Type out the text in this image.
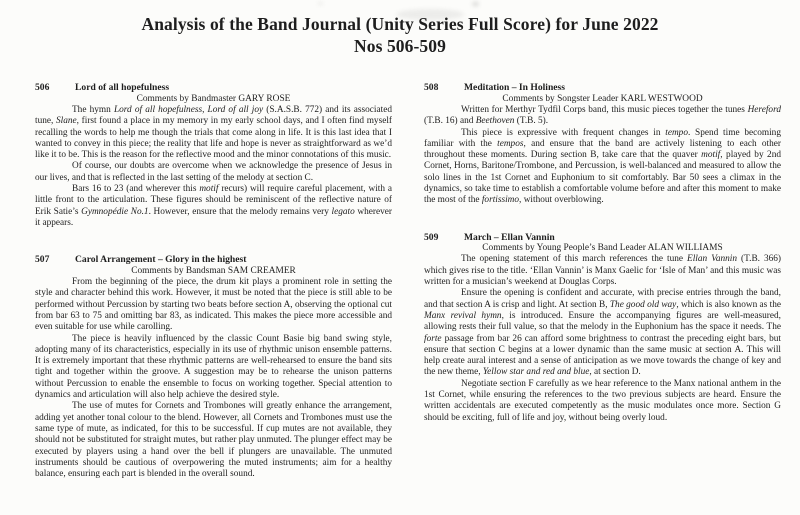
Analysis of the Band Journal (Unity Series Full Score) for June 2022
Nos 506-509
506	Lord of all hopefulness
Comments by Bandmaster GARY ROSE

The hymn Lord of all hopefulness, Lord of all joy (S.A.S.B. 772) and its associated tune, Slane, first found a place in my memory in my early school days, and I often find myself recalling the words to help me though the trials that come along in life. It is this last idea that I wanted to convey in this piece; the reality that life and hope is never as straightforward as we’d like it to be. This is the reason for the reflective mood and the minor connotations of this music.

Of course, our doubts are overcome when we acknowledge the presence of Jesus in our lives, and that is reflected in the last setting of the melody at section C.

Bars 16 to 23 (and wherever this motif recurs) will require careful placement, with a little front to the articulation. These figures should be reminiscent of the reflective nature of Erik Satie’s Gymnopédie No.1. However, ensure that the melody remains very legato wherever it appears.

507	Carol Arrangement – Glory in the highest
Comments by Bandsman SAM CREAMER

From the beginning of the piece, the drum kit plays a prominent role in setting the style and character behind this work. However, it must be noted that the piece is still able to be performed without Percussion by starting two beats before section A, observing the optional cut from bar 63 to 75 and omitting bar 83, as indicated. This makes the piece more accessible and even suitable for use while carolling.

The piece is heavily influenced by the classic Count Basie big band swing style, adopting many of its characteristics, especially in its use of rhythmic unison ensemble patterns. It is extremely important that these rhythmic patterns are well-rehearsed to ensure the band sits tight and together within the groove. A suggestion may be to rehearse the unison patterns without Percussion to enable the ensemble to focus on working together. Special attention to dynamics and articulation will also help achieve the desired style.

The use of mutes for Cornets and Trombones will greatly enhance the arrangement, adding yet another tonal colour to the blend. However, all Cornets and Trombones must use the same type of mute, as indicated, for this to be successful. If cup mutes are not available, they should not be substituted for straight mutes, but rather play unmuted. The plunger effect may be executed by players using a hand over the bell if plungers are unavailable. The unmuted instruments should be cautious of overpowering the muted instruments; aim for a healthy balance, ensuring each part is blended in the overall sound.

508	Meditation – In Holiness
Comments by Songster Leader KARL WESTWOOD

Written for Merthyr Tydfil Corps band, this music pieces together the tunes Hereford (T.B. 16) and Beethoven (T.B. 5).

This piece is expressive with frequent changes in tempo. Spend time becoming familiar with the tempos, and ensure that the band are actively listening to each other throughout these moments. During section B, take care that the quaver motif, played by 2nd Cornet, Horns, Baritone/Trombone, and Percussion, is well-balanced and measured to allow the solo lines in the 1st Cornet and Euphonium to sit comfortably. Bar 50 sees a climax in the dynamics, so take time to establish a comfortable volume before and after this moment to make the most of the fortissimo, without overblowing.

509	March – Ellan Vannin
Comments by Young People’s Band Leader ALAN WILLIAMS

The opening statement of this march references the tune Ellan Vannin (T.B. 366) which gives rise to the title. ‘Ellan Vannin’ is Manx Gaelic for ‘Isle of Man’ and this music was written for a musician’s weekend at Douglas Corps.

Ensure the opening is confident and accurate, with precise entries through the band, and that section A is crisp and light. At section B, The good old way, which is also known as the Manx revival hymn, is introduced. Ensure the accompanying figures are well-measured, allowing rests their full value, so that the melody in the Euphonium has the space it needs. The forte passage from bar 26 can afford some brightness to contrast the preceding eight bars, but ensure that section C begins at a lower dynamic than the same music at section A. This will help create aural interest and a sense of anticipation as we move towards the change of key and the new theme, Yellow star and red and blue, at section D.

Negotiate section F carefully as we hear reference to the Manx national anthem in the 1st Cornet, while ensuring the references to the two previous subjects are heard. Ensure the written accidentals are executed competently as the music modulates once more. Section G should be exciting, full of life and joy, without being overly loud.
